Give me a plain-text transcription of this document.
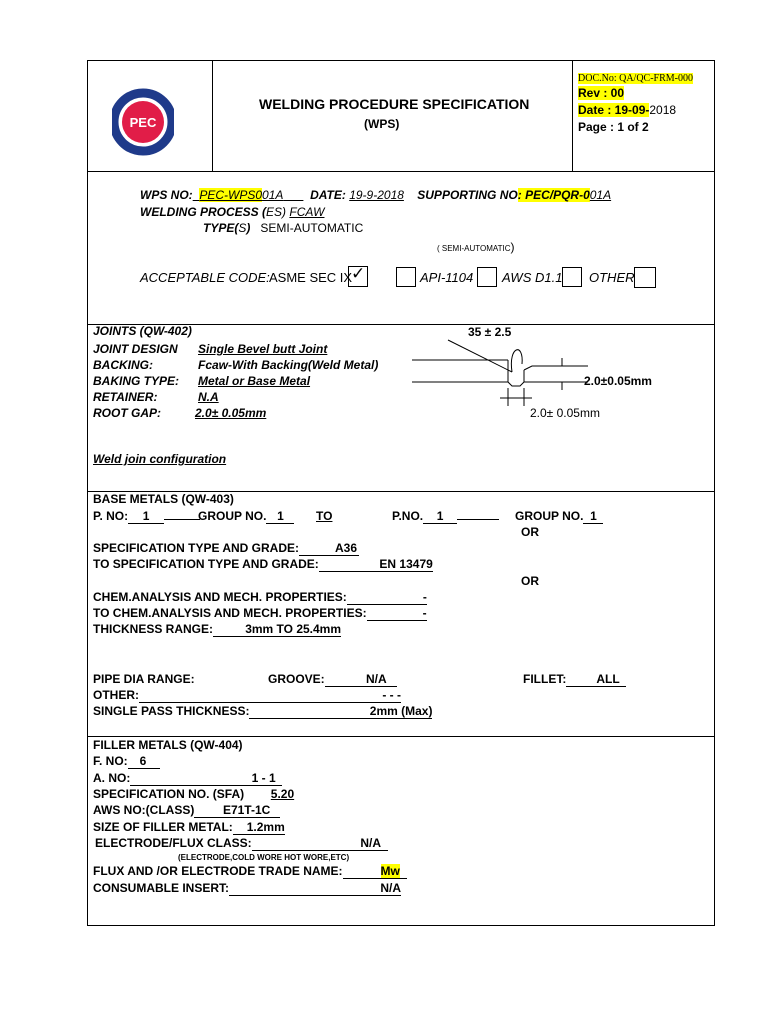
PEC
WELDING PROCEDURE SPECIFICATION
(WPS)
DOC.No: QA/QC-FRM-000
Rev : 00
Date : 19-09-2018
Page : 1 of 2
WPS NO: PEC-WPS001A DATE: 19-9-2018 SUPPORTING NO: PEC/PQR-001A
WELDING PROCESS (ES) FCAW
TYPE(S) SEMI-AUTOMATIC
( SEMI-AUTOMATIC)
ACCEPTABLE CODE: ASME SEC IX
✓	API-1104 AWS D1.1 OTHER
JOINTS (QW-402)	35 ± 2.5
JOINT DESIGN Single Bevel butt Joint
BACKING:	Fcaw-With Backing(Weld Metal)
BAKING TYPE: Metal or Base Metal
RETAINER:	N.A
ROOT GAP:	2.0± 0.05mm
Weld join configuration
2.0±0.05mm
2.0± 0.05mm
BASE METALS (QW-403)
P. NO: 1	GROUP NO. 1	TO	P.NO. 1	GROUP NO. 1
OR
SPECIFICATION TYPE AND GRADE:	A36
TO SPECIFICATION TYPE AND GRADE:	EN 13479
OR
CHEM.ANALYSIS AND MECH. PROPERTIES:	-
TO CHEM.ANALYSIS AND MECH. PROPERTIES:	-
THICKNESS RANGE:	3mm TO 25.4mm
PIPE DIA RANGE:	GROOVE:	N/A	FILLET:	ALL
OTHER:	- - -
SINGLE PASS THICKNESS:	2mm (Max)
FILLER METALS (QW-404)
F. NO: 6
A. NO:	1 - 1
SPECIFICATION NO. (SFA) 5.20
AWS NO:(CLASS) E71T-1C
SIZE OF FILLER METAL: 1.2mm
ELECTRODE/FLUX CLASS:	N/A
(ELECTRODE,COLD WORE HOT WORE,ETC)
FLUX AND /OR ELECTRODE TRADE NAME:	Mw
CONSUMABLE INSERT:	N/A
